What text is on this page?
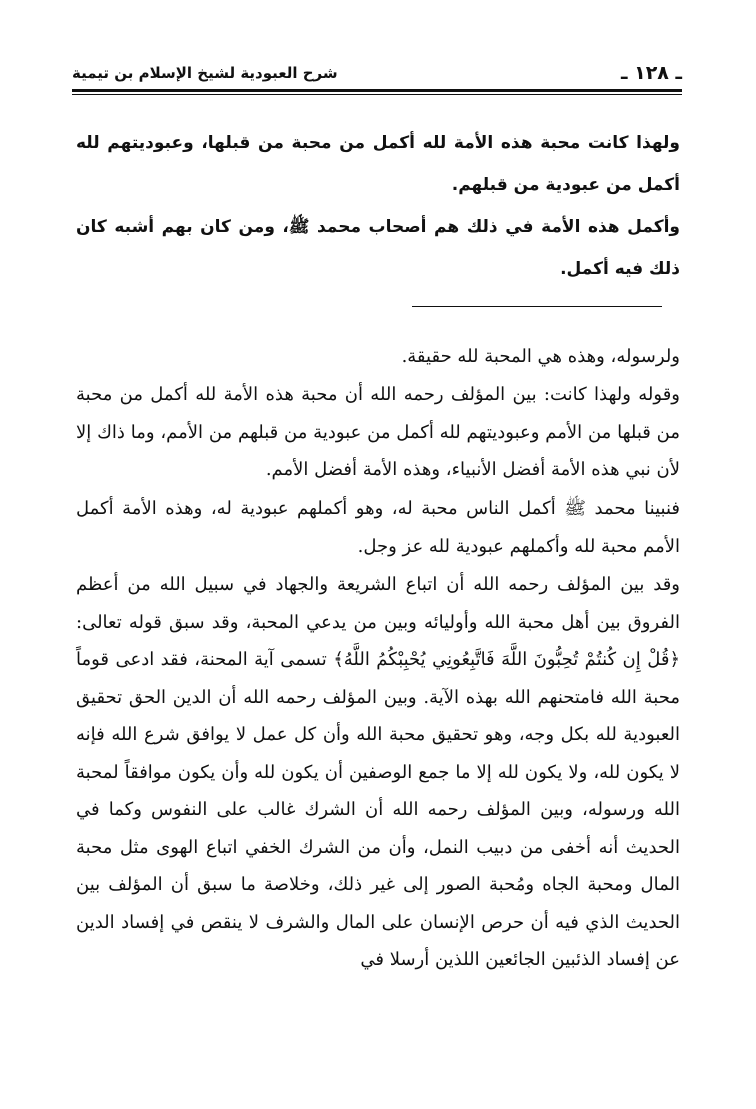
ـ ١٢٨ ـ
شرح العبودية لشيخ الإسلام بن تيمية

ولهذا كانت محبة هذه الأمة لله أكمل من محبة من قبلها، وعبوديتهم لله أكمل من عبودية من قبلهم.

وأكمل هذه الأمة في ذلك هم أصحاب محمد ﷺ، ومن كان بهم أشبه كان ذلك فيه أكمل.

ولرسوله، وهذه هي المحبة لله حقيقة.

وقوله ولهذا كانت: بين المؤلف رحمه الله أن محبة هذه الأمة لله أكمل من محبة من قبلها من الأمم وعبوديتهم لله أكمل من عبودية من قبلهم من الأمم، وما ذاك إلا لأن نبي هذه الأمة أفضل الأنبياء، وهذه الأمة أفضل الأمم.

فنبينا محمد ﷺ أكمل الناس محبة له، وهو أكملهم عبودية له، وهذه الأمة أكمل الأمم محبة لله وأكملهم عبودية لله عز وجل.

وقد بين المؤلف رحمه الله أن اتباع الشريعة والجهاد في سبيل الله من أعظم الفروق بين أهل محبة الله وأوليائه وبين من يدعي المحبة، وقد سبق قوله تعالى: ﴿قُلْ إِن كُنتُمْ تُحِبُّونَ اللَّهَ فَاتَّبِعُونِي يُحْبِبْكُمُ اللَّهُ﴾ تسمى آية المحنة، فقد ادعى قوماً محبة الله فامتحنهم الله بهذه الآية. وبين المؤلف رحمه الله أن الدين الحق تحقيق العبودية لله بكل وجه، وهو تحقيق محبة الله وأن كل عمل لا يوافق شرع الله فإنه لا يكون لله، ولا يكون لله إلا ما جمع الوصفين أن يكون لله وأن يكون موافقاً لمحبة الله ورسوله، وبين المؤلف رحمه الله أن الشرك غالب على النفوس وكما في الحديث أنه أخفى من دبيب النمل، وأن من الشرك الخفي اتباع الهوى مثل محبة المال ومحبة الجاه ومُحبة الصور إلى غير ذلك، وخلاصة ما سبق أن المؤلف بين الحديث الذي فيه أن حرص الإنسان على المال والشرف لا ينقص في إفساد الدين عن إفساد الذئبين الجائعين اللذين أرسلا في
